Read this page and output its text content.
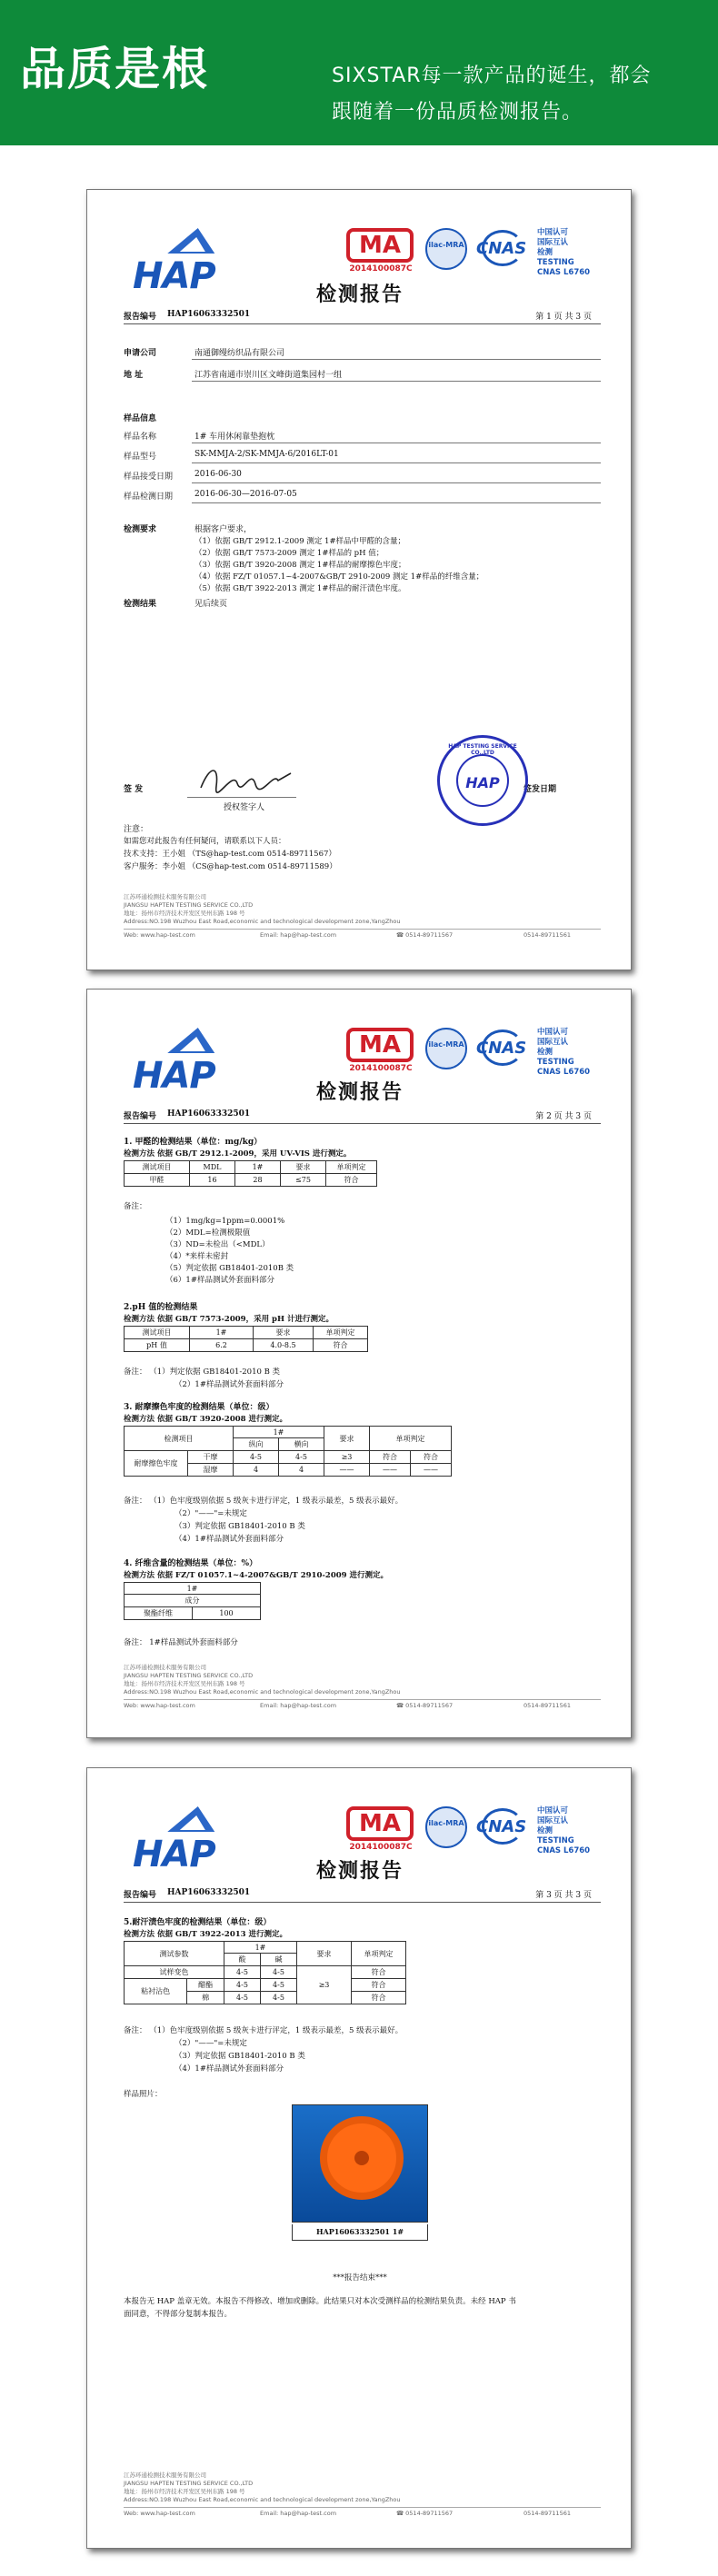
品质是根	SIXSTAR每一款产品的诞生，都会
跟随着一份品质检测报告。
HAP
MA
2014100087C
ilac-MRA CNAS
中国认可
国际互认
检测
TESTING
CNAS L6760
检测报告
报告编号 HAP16063332501	第 1 页 共 3 页
申请公司	南通御缦纺织品有限公司
地 址	江苏省南通市崇川区文峰街道集园村一组
样品信息
样品名称	1# 车用休闲靠垫抱枕
样品型号	SK-MMJA-2/SK-MMJA-6/2016LT-01
样品接受日期	2016-06-30
样品检测日期	2016-06-30—2016-07-05
检测要求	根据客户要求，
（1）依据 GB/T 2912.1-2009 测定 1#样品中甲醛的含量；
（2）依据 GB/T 7573-2009 测定 1#样品的 pH 值；
（3）依据 GB/T 3920-2008 测定 1#样品的耐摩擦色牢度；
（4）依据 FZ/T 01057.1~4-2007&GB/T 2910-2009 测定 1#样品的纤维含量；
（5）依据 GB/T 3922-2013 测定 1#样品的耐汗渍色牢度。
检测结果	见后续页
签 发
授权签字人
签发日期
HAP TESTING SERVICE CO.,LTD
HAP
注意：
如需您对此报告有任何疑问，请联系以下人员：
技术支持：王小姐 （TS@hap-test.com 0514-89711567）
客户服务：李小姐 （CS@hap-test.com 0514-89711589）
江苏环通检测技术服务有限公司
JIANGSU HAPTEN TESTING SERVICE CO.,LTD
地址：扬州市经济技术开发区吴州东路 198 号
Address:NO.198 Wuzhou East Road,economic and technological development zone,YangZhou
Web: www.hap-test.com	Email: hap@hap-test.com	☎ 0514-89711567	0514-89711561
HAP
MA
2014100087C
ilac-MRA CNAS
中国认可
国际互认
检测
TESTING
CNAS L6760
检测报告
报告编号 HAP16063332501	第 2 页 共 3 页
1. 甲醛的检测结果（单位：mg/kg）
检测方法 依据 GB/T 2912.1-2009，采用 UV-VIS 进行测定。
测试项目	MDL	1#	要求	单项判定
甲醛	16	28	≤75	符合
备注：
（1）1mg/kg=1ppm=0.0001%
（2）MDL=检测极限值
（3）ND=未检出（<MDL）
（4）*来样未密封
（5）判定依据 GB18401-2010B 类
（6）1#样品测试外套面料部分
2.pH 值的检测结果
检测方法 依据 GB/T 7573-2009，采用 pH 计进行测定。
测试项目	1#	要求	单项判定
pH 值	6.2	4.0-8.5	符合
备注： （1）判定依据 GB18401-2010 B 类
（2）1#样品测试外套面料部分
3. 耐摩擦色牢度的检测结果（单位：级）
检测方法 依据 GB/T 3920-2008 进行测定。
检测项目		1#		要求	单项判定	
		纵向	横向			
耐摩擦色牢度	干摩	4-5	4-5	≥3	符合	符合
	湿摩	4	4	——	——	——
备注： （1）色牢度级别依据 5 级灰卡进行评定，1 级表示最差，5 级表示最好。
（2）"——"=未规定
（3）判定依据 GB18401-2010 B 类
（4）1#样品测试外套面料部分
4. 纤维含量的检测结果（单位：%）
检测方法 依据 FZ/T 01057.1~4-2007&GB/T 2910-2009 进行测定。
1#
成分
聚酯纤维	100
备注： 1#样品测试外套面料部分
江苏环通检测技术服务有限公司
JIANGSU HAPTEN TESTING SERVICE CO.,LTD
地址：扬州市经济技术开发区吴州东路 198 号
Address:NO.198 Wuzhou East Road,economic and technological development zone,YangZhou
Web: www.hap-test.com	Email: hap@hap-test.com	☎ 0514-89711567	0514-89711561
HAP
MA
2014100087C
ilac-MRA CNAS
中国认可
国际互认
检测
TESTING
CNAS L6760
检测报告
报告编号 HAP16063332501	第 3 页 共 3 页
5.耐汗渍色牢度的检测结果（单位：级）
检测方法 依据 GB/T 3922-2013 进行测定。
测试参数		1#		要求	单项判定
		酸	碱		
试样变色		4-5	4-5	≥3	符合
粘衬沾色	醋酯	4-5	4-5		符合
	棉	4-5	4-5		符合
备注： （1）色牢度级别依据 5 级灰卡进行评定，1 级表示最差，5 级表示最好。
（2）"——"=未规定
（3）判定依据 GB18401-2010 B 类
（4）1#样品测试外套面料部分
样品照片：
HAP16063332501 1#
***报告结束***
本报告无 HAP 盖章无效。本报告不得修改、增加或删除。此结果只对本次受测样品的检测结果负责。未经 HAP 书
面同意，不得部分复制本报告。
江苏环通检测技术服务有限公司
JIANGSU HAPTEN TESTING SERVICE CO.,LTD
地址：扬州市经济技术开发区吴州东路 198 号
Address:NO.198 Wuzhou East Road,economic and technological development zone,YangZhou
Web: www.hap-test.com	Email: hap@hap-test.com	☎ 0514-89711567	0514-89711561
